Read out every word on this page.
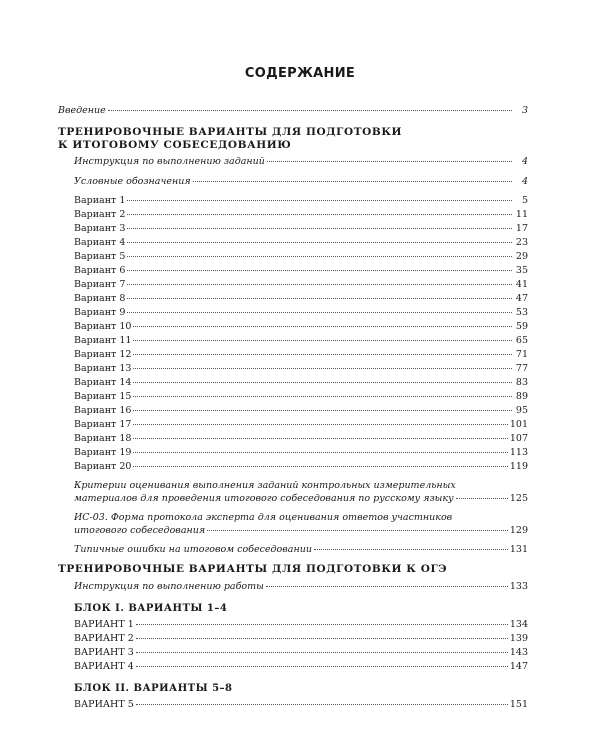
СОДЕРЖАНИЕ
Введение	3
ТРЕНИРОВОЧНЫЕ ВАРИАНТЫ ДЛЯ ПОДГОТОВКИ
К ИТОГОВОМУ СОБЕСЕДОВАНИЮ
Инструкция по выполнению заданий	4
Условные обозначения	4
Вариант 1	5
Вариант 2	11
Вариант 3	17
Вариант 4	23
Вариант 5	29
Вариант 6	35
Вариант 7	41
Вариант 8	47
Вариант 9	53
Вариант 10	59
Вариант 11	65
Вариант 12	71
Вариант 13	77
Вариант 14	83
Вариант 15	89
Вариант 16	95
Вариант 17	101
Вариант 18	107
Вариант 19	113
Вариант 20	119
Критерии оценивания выполнения заданий контрольных измерительных
материалов для проведения итогового собеседования по русскому языку	125
ИС-03. Форма протокола эксперта для оценивания ответов участников
итогового собеседования	129
Типичные ошибки на итоговом собеседовании	131
ТРЕНИРОВОЧНЫЕ ВАРИАНТЫ ДЛЯ ПОДГОТОВКИ К ОГЭ
Инструкция по выполнению работы	133
БЛОК I. ВАРИАНТЫ 1–4
ВАРИАНТ 1	134
ВАРИАНТ 2	139
ВАРИАНТ 3	143
ВАРИАНТ 4	147
БЛОК II. ВАРИАНТЫ 5–8
ВАРИАНТ 5	151
